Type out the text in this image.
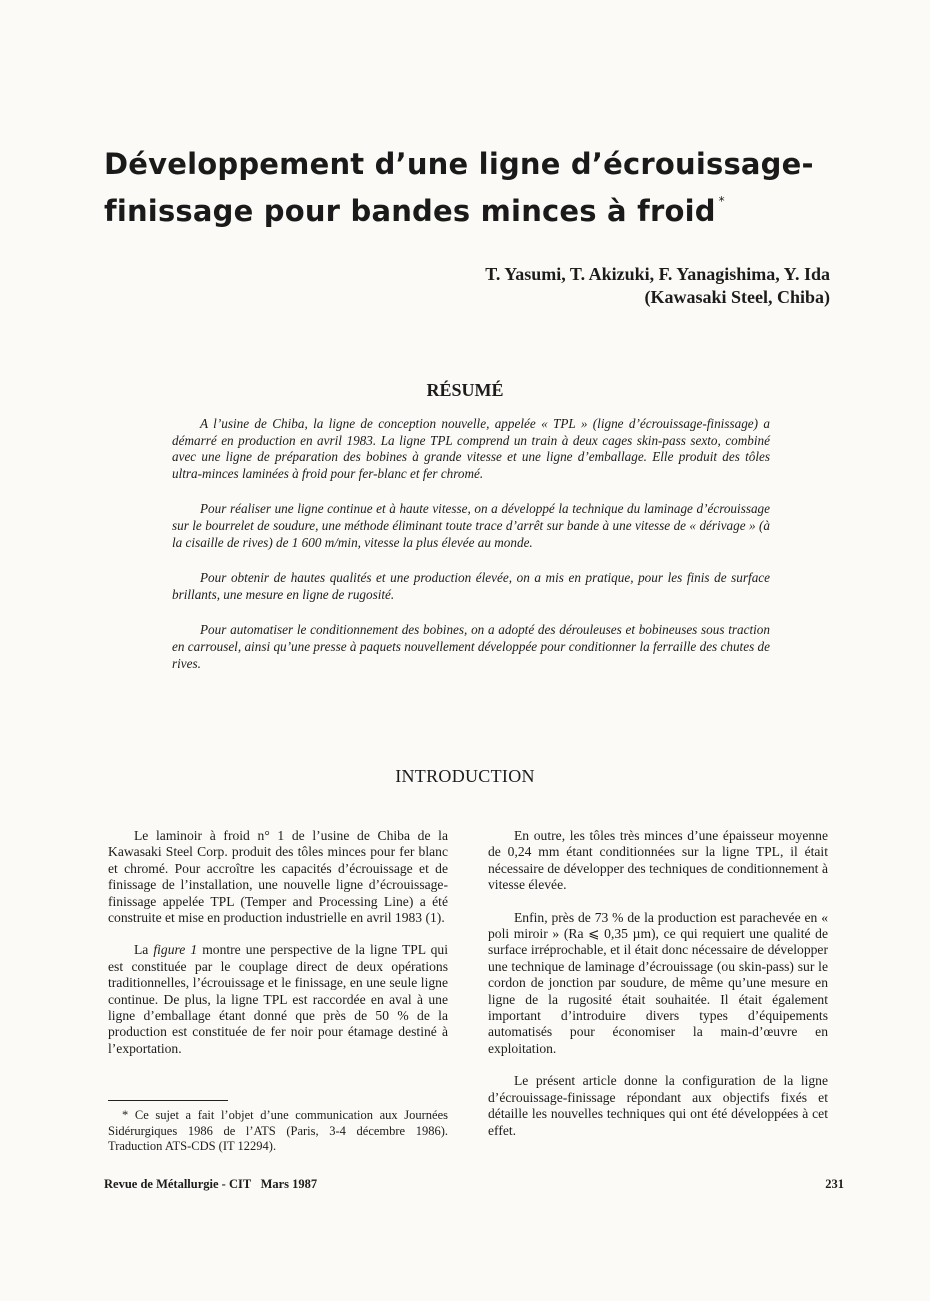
Développement d’une ligne d’écrouissage-
finissage pour bandes minces à froid *
T. Yasumi, T. Akizuki, F. Yanagishima, Y. Ida
(Kawasaki Steel, Chiba)
RÉSUMÉ

A l’usine de Chiba, la ligne de conception nouvelle, appelée « TPL » (ligne d’écrouissage-finissage) a démarré en production en avril 1983. La ligne TPL comprend un train à deux cages skin-pass sexto, combiné avec une ligne de préparation des bobines à grande vitesse et une ligne d’emballage. Elle produit des tôles ultra-minces laminées à froid pour fer-blanc et fer chromé.

Pour réaliser une ligne continue et à haute vitesse, on a développé la technique du laminage d’écrouissage sur le bourrelet de soudure, une méthode éliminant toute trace d’arrêt sur bande à une vitesse de « dérivage » (à la cisaille de rives) de 1 600 m/min, vitesse la plus élevée au monde.

Pour obtenir de hautes qualités et une production élevée, on a mis en pratique, pour les finis de surface brillants, une mesure en ligne de rugosité.

Pour automatiser le conditionnement des bobines, on a adopté des dérouleuses et bobineuses sous traction en carrousel, ainsi qu’une presse à paquets nouvellement développée pour conditionner la ferraille des chutes de rives.

INTRODUCTION

Le laminoir à froid n° 1 de l’usine de Chiba de la Kawasaki Steel Corp. produit des tôles minces pour fer blanc et chromé. Pour accroître les capacités d’écrouissage et de finissage de l’installation, une nouvelle ligne d’écrouissage-finissage appelée TPL (Temper and Processing Line) a été construite et mise en production industrielle en avril 1983 (1).

La figure 1 montre une perspective de la ligne TPL qui est constituée par le couplage direct de deux opérations traditionnelles, l’écrouissage et le finissage, en une seule ligne continue. De plus, la ligne TPL est raccordée en aval à une ligne d’emballage étant donné que près de 50 % de la production est constituée de fer noir pour étamage destiné à l’exportation.

* Ce sujet a fait l’objet d’une communication aux Journées Sidérurgiques 1986 de l’ATS (Paris, 3-4 décembre 1986). Traduction ATS-CDS (IT 12294).

En outre, les tôles très minces d’une épaisseur moyenne de 0,24 mm étant conditionnées sur la ligne TPL, il était nécessaire de développer des techniques de conditionnement à vitesse élevée.

Enfin, près de 73 % de la production est parachevée en « poli miroir » (Ra ⩽ 0,35 µm), ce qui requiert une qualité de surface irréprochable, et il était donc nécessaire de développer une technique de laminage d’écrouissage (ou skin-pass) sur le cordon de jonction par soudure, de même qu’une mesure en ligne de la rugosité était souhaitée. Il était également important d’introduire divers types d’équipements automatisés pour économiser la main-d’œuvre en exploitation.

Le présent article donne la configuration de la ligne d’écrouissage-finissage répondant aux objectifs fixés et détaille les nouvelles techniques qui ont été développées à cet effet.

Revue de Métallurgie - CIT Mars 1987	231
